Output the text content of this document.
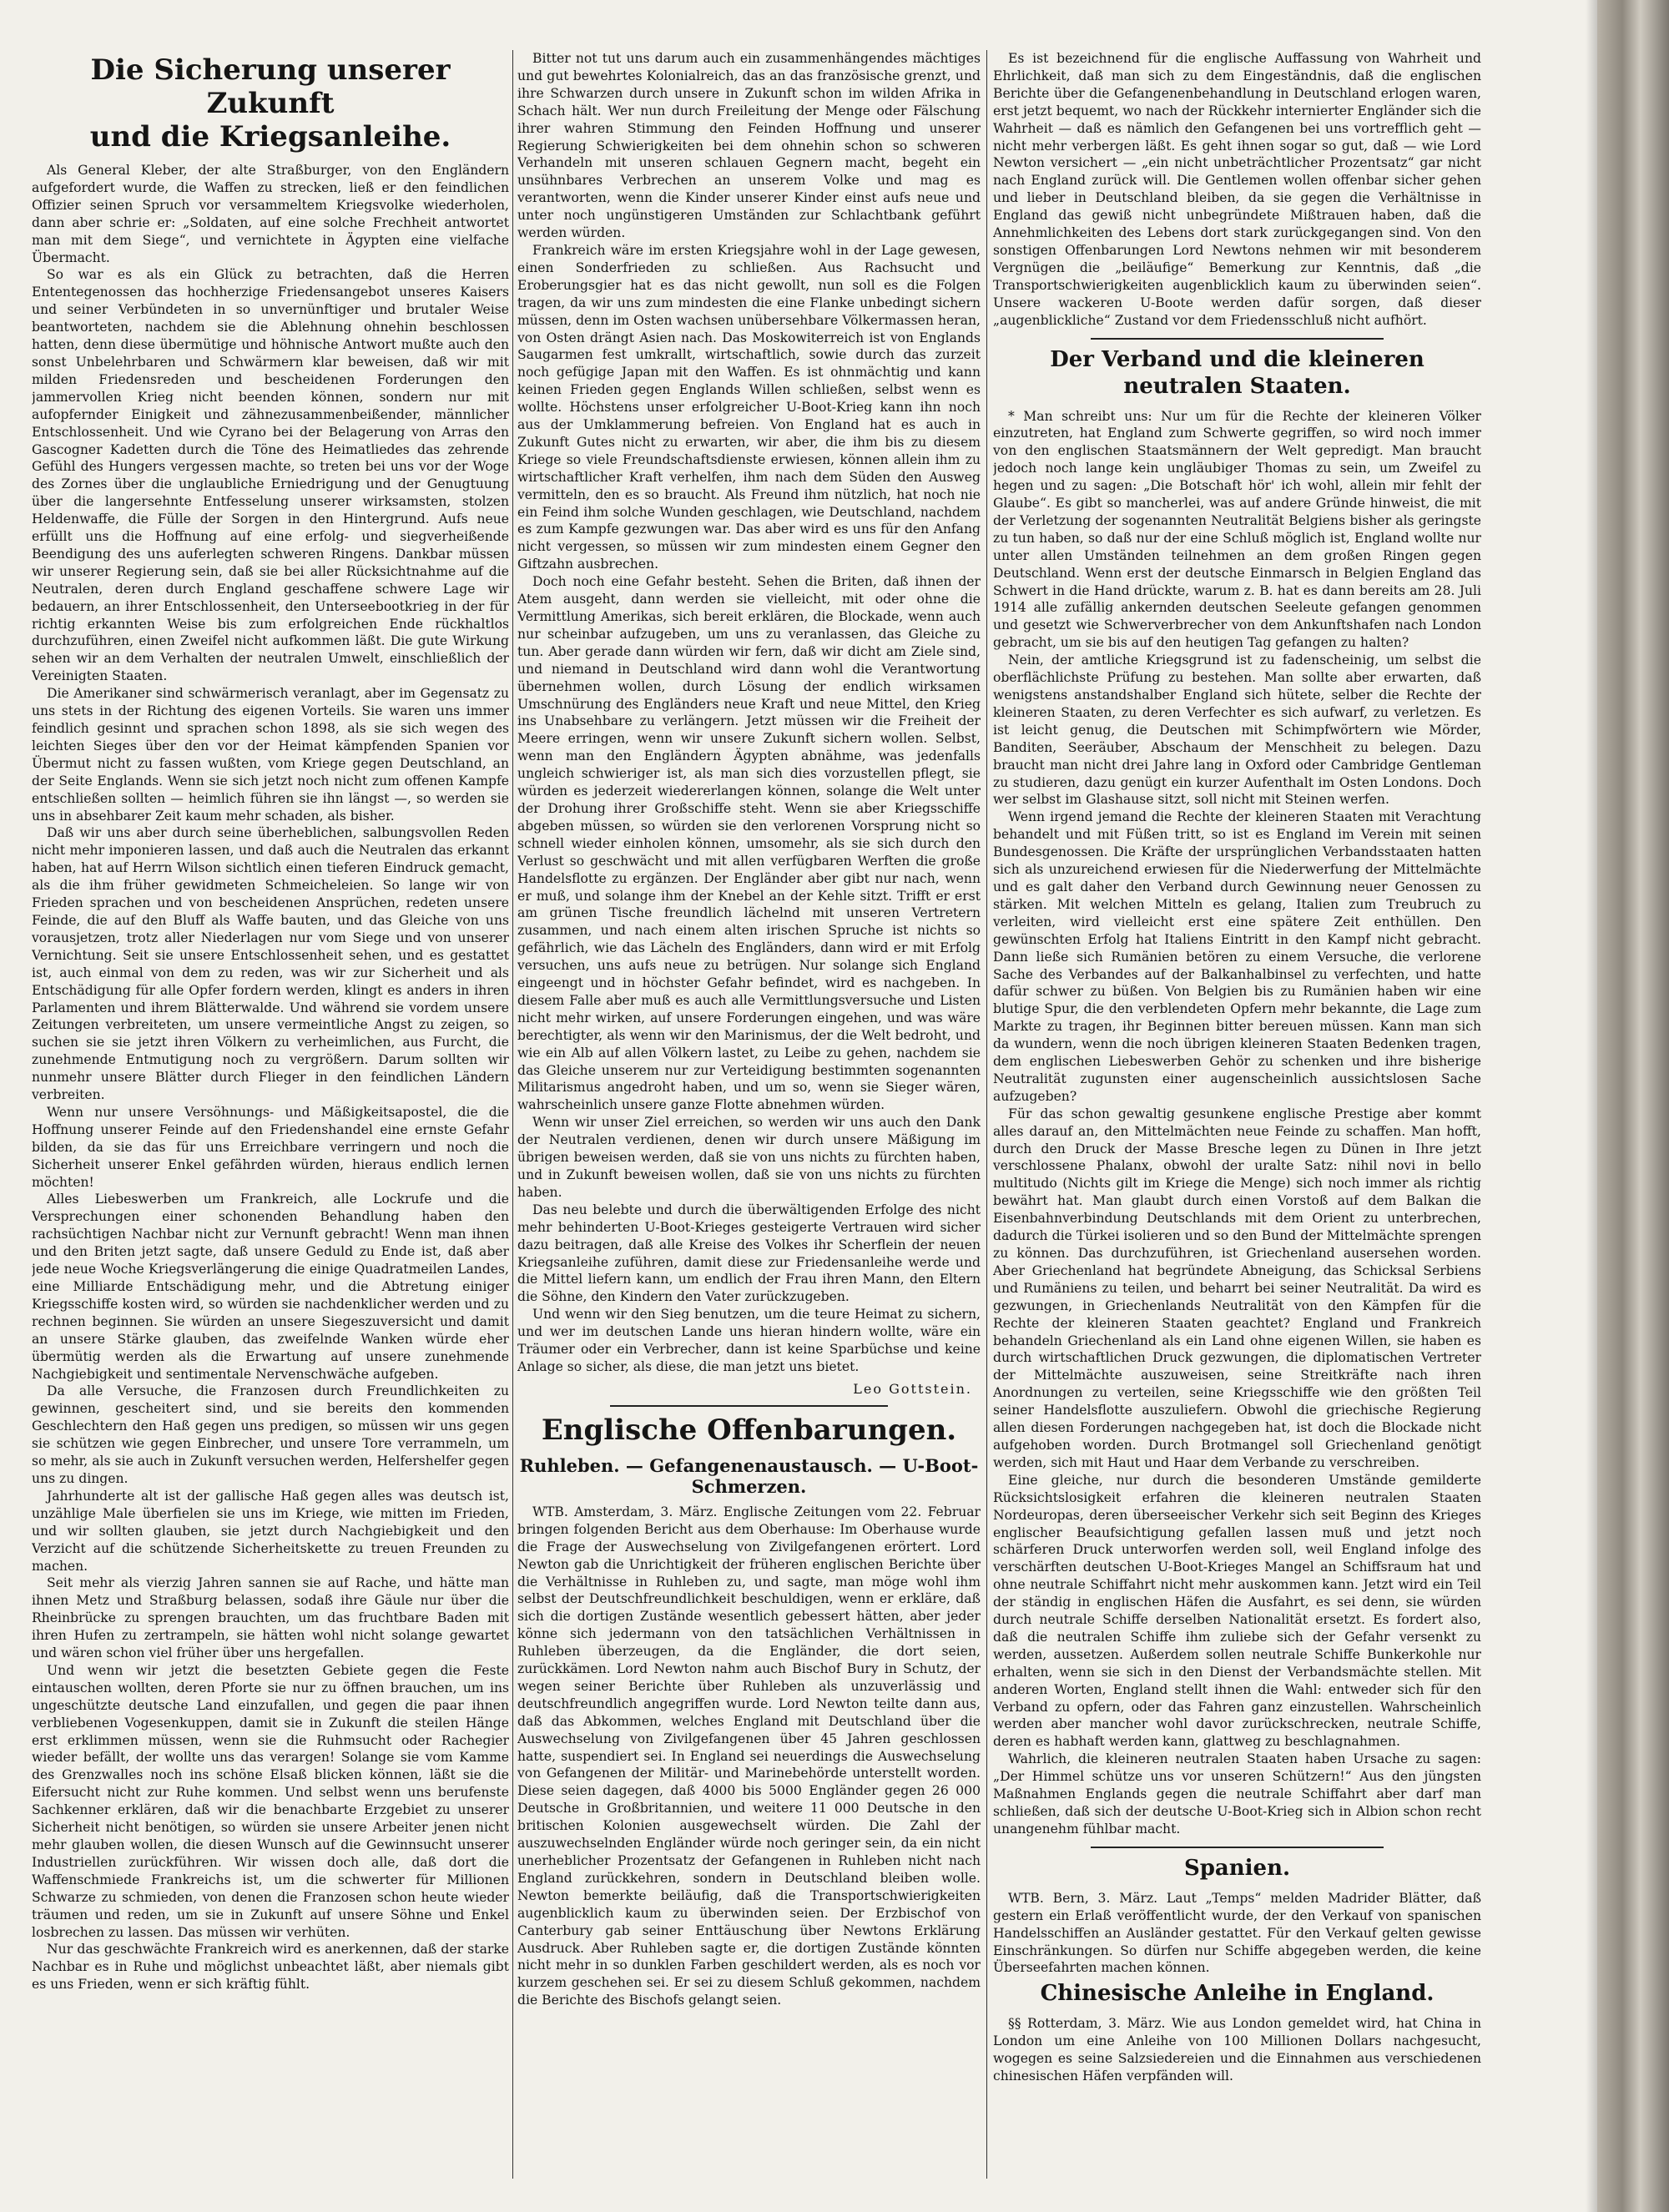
Die Sicherung unserer Zukunft
und die Kriegsanleihe.

Als General Kleber, der alte Straßburger, von den Engländern aufgefordert wurde, die Waffen zu strecken, ließ er den feindlichen Offizier seinen Spruch vor versammeltem Kriegsvolke wiederholen, dann aber schrie er: „Soldaten, auf eine solche Frechheit antwortet man mit dem Siege“, und vernichtete in Ägypten eine vielfache Übermacht.

So war es als ein Glück zu betrachten, daß die Herren Ententegenossen das hochherzige Friedensangebot unseres Kaisers und seiner Verbündeten in so unvernünftiger und brutaler Weise beantworteten, nachdem sie die Ablehnung ohnehin beschlossen hatten, denn diese übermütige und höhnische Antwort mußte auch den sonst Unbelehrbaren und Schwärmern klar beweisen, daß wir mit milden Friedensreden und bescheidenen Forderungen den jammervollen Krieg nicht beenden können, sondern nur mit aufopfernder Einigkeit und zähnezusammenbeißender, männlicher Entschlossenheit. Und wie Cyrano bei der Belagerung von Arras den Gascogner Kadetten durch die Töne des Heimatliedes das zehrende Gefühl des Hungers vergessen machte, so treten bei uns vor der Woge des Zornes über die unglaubliche Erniedrigung und der Genugtuung über die langersehnte Entfesselung unserer wirksamsten, stolzen Heldenwaffe, die Fülle der Sorgen in den Hintergrund. Aufs neue erfüllt uns die Hoffnung auf eine erfolg- und siegverheißende Beendigung des uns auferlegten schweren Ringens. Dankbar müssen wir unserer Regierung sein, daß sie bei aller Rücksichtnahme auf die Neutralen, deren durch England geschaffene schwere Lage wir bedauern, an ihrer Entschlossenheit, den Unterseebootkrieg in der für richtig erkannten Weise bis zum erfolgreichen Ende rückhaltlos durchzuführen, einen Zweifel nicht aufkommen läßt. Die gute Wirkung sehen wir an dem Verhalten der neutralen Umwelt, einschließlich der Vereinigten Staaten.

Die Amerikaner sind schwärmerisch veranlagt, aber im Gegensatz zu uns stets in der Richtung des eigenen Vorteils. Sie waren uns immer feindlich gesinnt und sprachen schon 1898, als sie sich wegen des leichten Sieges über den vor der Heimat kämpfenden Spanien vor Übermut nicht zu fassen wußten, vom Kriege gegen Deutschland, an der Seite Englands. Wenn sie sich jetzt noch nicht zum offenen Kampfe entschließen sollten — heimlich führen sie ihn längst —, so werden sie uns in absehbarer Zeit kaum mehr schaden, als bisher.

Daß wir uns aber durch seine überheblichen, salbungsvollen Reden nicht mehr imponieren lassen, und daß auch die Neutralen das erkannt haben, hat auf Herrn Wilson sichtlich einen tieferen Eindruck gemacht, als die ihm früher gewidmeten Schmeicheleien. So lange wir von Frieden sprachen und von bescheidenen Ansprüchen, redeten unsere Feinde, die auf den Bluff als Waffe bauten, und das Gleiche von uns vorausjetzen, trotz aller Niederlagen nur vom Siege und von unserer Vernichtung. Seit sie unsere Entschlossenheit sehen, und es gestattet ist, auch einmal von dem zu reden, was wir zur Sicherheit und als Entschädigung für alle Opfer fordern werden, klingt es anders in ihren Parlamenten und ihrem Blätterwalde. Und während sie vordem unsere Zeitungen verbreiteten, um unsere vermeintliche Angst zu zeigen, so suchen sie sie jetzt ihren Völkern zu verheimlichen, aus Furcht, die zunehmende Entmutigung noch zu vergrößern. Darum sollten wir nunmehr unsere Blätter durch Flieger in den feindlichen Ländern verbreiten.

Wenn nur unsere Versöhnungs- und Mäßigkeitsapostel, die die Hoffnung unserer Feinde auf den Friedenshandel eine ernste Gefahr bilden, da sie das für uns Erreichbare verringern und noch die Sicherheit unserer Enkel gefährden würden, hieraus endlich lernen möchten!

Alles Liebeswerben um Frankreich, alle Lockrufe und die Versprechungen einer schonenden Behandlung haben den rachsüchtigen Nachbar nicht zur Vernunft gebracht! Wenn man ihnen und den Briten jetzt sagte, daß unsere Geduld zu Ende ist, daß aber jede neue Woche Kriegsverlängerung die einige Quadratmeilen Landes, eine Milliarde Entschädigung mehr, und die Abtretung einiger Kriegsschiffe kosten wird, so würden sie nachdenklicher werden und zu rechnen beginnen. Sie würden an unsere Siegeszuversicht und damit an unsere Stärke glauben, das zweifelnde Wanken würde eher übermütig werden als die Erwartung auf unsere zunehmende Nachgiebigkeit und sentimentale Nervenschwäche aufgeben.

Da alle Versuche, die Franzosen durch Freundlichkeiten zu gewinnen, gescheitert sind, und sie bereits den kommenden Geschlechtern den Haß gegen uns predigen, so müssen wir uns gegen sie schützen wie gegen Einbrecher, und unsere Tore verrammeln, um so mehr, als sie auch in Zukunft versuchen werden, Helfershelfer gegen uns zu dingen.

Jahrhunderte alt ist der gallische Haß gegen alles was deutsch ist, unzählige Male überfielen sie uns im Kriege, wie mitten im Frieden, und wir sollten glauben, sie jetzt durch Nachgiebigkeit und den Verzicht auf die schützende Sicherheitskette zu treuen Freunden zu machen.

Seit mehr als vierzig Jahren sannen sie auf Rache, und hätte man ihnen Metz und Straßburg belassen, sodaß ihre Gäule nur über die Rheinbrücke zu sprengen brauchten, um das fruchtbare Baden mit ihren Hufen zu zertrampeln, sie hätten wohl nicht solange gewartet und wären schon viel früher über uns hergefallen.

Und wenn wir jetzt die besetzten Gebiete gegen die Feste eintauschen wollten, deren Pforte sie nur zu öffnen brauchen, um ins ungeschützte deutsche Land einzufallen, und gegen die paar ihnen verbliebenen Vogesenkuppen, damit sie in Zukunft die steilen Hänge erst erklimmen müssen, wenn sie die Ruhmsucht oder Rachegier wieder befällt, der wollte uns das verargen! Solange sie vom Kamme des Grenzwalles noch ins schöne Elsaß blicken können, läßt sie die Eifersucht nicht zur Ruhe kommen. Und selbst wenn uns berufenste Sachkenner erklären, daß wir die benachbarte Erzgebiet zu unserer Sicherheit nicht benötigen, so würden sie unsere Arbeiter jenen nicht mehr glauben wollen, die diesen Wunsch auf die Gewinnsucht unserer Industriellen zurückführen. Wir wissen doch alle, daß dort die Waffenschmiede Frankreichs ist, um die schwerter für Millionen Schwarze zu schmieden, von denen die Franzosen schon heute wieder träumen und reden, um sie in Zukunft auf unsere Söhne und Enkel losbrechen zu lassen. Das müssen wir verhüten.

Nur das geschwächte Frankreich wird es anerkennen, daß der starke Nachbar es in Ruhe und möglichst unbeachtet läßt, aber niemals gibt es uns Frieden, wenn er sich kräftig fühlt.

Bitter not tut uns darum auch ein zusammenhängendes mächtiges und gut bewehrtes Kolonialreich, das an das französische grenzt, und ihre Schwarzen durch unsere in Zukunft schon im wilden Afrika in Schach hält. Wer nun durch Freileitung der Menge oder Fälschung ihrer wahren Stimmung den Feinden Hoffnung und unserer Regierung Schwierigkeiten bei dem ohnehin schon so schweren Verhandeln mit unseren schlauen Gegnern macht, begeht ein unsühnbares Verbrechen an unserem Volke und mag es verantworten, wenn die Kinder unserer Kinder einst aufs neue und unter noch ungünstigeren Umständen zur Schlachtbank geführt werden würden.

Frankreich wäre im ersten Kriegsjahre wohl in der Lage gewesen, einen Sonderfrieden zu schließen. Aus Rachsucht und Eroberungsgier hat es das nicht gewollt, nun soll es die Folgen tragen, da wir uns zum mindesten die eine Flanke unbedingt sichern müssen, denn im Osten wachsen unübersehbare Völkermassen heran, von Osten drängt Asien nach. Das Moskowiterreich ist von Englands Saugarmen fest umkrallt, wirtschaftlich, sowie durch das zurzeit noch gefügige Japan mit den Waffen. Es ist ohnmächtig und kann keinen Frieden gegen Englands Willen schließen, selbst wenn es wollte. Höchstens unser erfolgreicher U-Boot-Krieg kann ihn noch aus der Umklammerung befreien. Von England hat es auch in Zukunft Gutes nicht zu erwarten, wir aber, die ihm bis zu diesem Kriege so viele Freundschaftsdienste erwiesen, können allein ihm zu wirtschaftlicher Kraft verhelfen, ihm nach dem Süden den Ausweg vermitteln, den es so braucht. Als Freund ihm nützlich, hat noch nie ein Feind ihm solche Wunden geschlagen, wie Deutschland, nachdem es zum Kampfe gezwungen war. Das aber wird es uns für den Anfang nicht vergessen, so müssen wir zum mindesten einem Gegner den Giftzahn ausbrechen.

Doch noch eine Gefahr besteht. Sehen die Briten, daß ihnen der Atem ausgeht, dann werden sie vielleicht, mit oder ohne die Vermittlung Amerikas, sich bereit erklären, die Blockade, wenn auch nur scheinbar aufzugeben, um uns zu veranlassen, das Gleiche zu tun. Aber gerade dann würden wir fern, daß wir dicht am Ziele sind, und niemand in Deutschland wird dann wohl die Verantwortung übernehmen wollen, durch Lösung der endlich wirksamen Umschnürung des Engländers neue Kraft und neue Mittel, den Krieg ins Unabsehbare zu verlängern. Jetzt müssen wir die Freiheit der Meere erringen, wenn wir unsere Zukunft sichern wollen. Selbst, wenn man den Engländern Ägypten abnähme, was jedenfalls ungleich schwieriger ist, als man sich dies vorzustellen pflegt, sie würden es jederzeit wiedererlangen können, solange die Welt unter der Drohung ihrer Großschiffe steht. Wenn sie aber Kriegsschiffe abgeben müssen, so würden sie den verlorenen Vorsprung nicht so schnell wieder einholen können, umsomehr, als sie sich durch den Verlust so geschwächt und mit allen verfügbaren Werften die große Handelsflotte zu ergänzen. Der Engländer aber gibt nur nach, wenn er muß, und solange ihm der Knebel an der Kehle sitzt. Trifft er erst am grünen Tische freundlich lächelnd mit unseren Vertretern zusammen, und nach einem alten irischen Spruche ist nichts so gefährlich, wie das Lächeln des Engländers, dann wird er mit Erfolg versuchen, uns aufs neue zu betrügen. Nur solange sich England eingeengt und in höchster Gefahr befindet, wird es nachgeben. In diesem Falle aber muß es auch alle Vermittlungsversuche und Listen nicht mehr wirken, auf unsere Forderungen eingehen, und was wäre berechtigter, als wenn wir den Marinismus, der die Welt bedroht, und wie ein Alb auf allen Völkern lastet, zu Leibe zu gehen, nachdem sie das Gleiche unserem nur zur Verteidigung bestimmten sogenannten Militarismus angedroht haben, und um so, wenn sie Sieger wären, wahrscheinlich unsere ganze Flotte abnehmen würden.

Wenn wir unser Ziel erreichen, so werden wir uns auch den Dank der Neutralen verdienen, denen wir durch unsere Mäßigung im übrigen beweisen werden, daß sie von uns nichts zu fürchten haben, und in Zukunft beweisen wollen, daß sie von uns nichts zu fürchten haben.

Das neu belebte und durch die überwältigenden Erfolge des nicht mehr behinderten U-Boot-Krieges gesteigerte Vertrauen wird sicher dazu beitragen, daß alle Kreise des Volkes ihr Scherflein der neuen Kriegsanleihe zuführen, damit diese zur Friedensanleihe werde und die Mittel liefern kann, um endlich der Frau ihren Mann, den Eltern die Söhne, den Kindern den Vater zurückzugeben.

Und wenn wir den Sieg benutzen, um die teure Heimat zu sichern, und wer im deutschen Lande uns hieran hindern wollte, wäre ein Träumer oder ein Verbrecher, dann ist keine Sparbüchse und keine Anlage so sicher, als diese, die man jetzt uns bietet.

Leo Gottstein.
Englische Offenbarungen.
Ruhleben. — Gefangenenaustausch. — U-Boot-Schmerzen.

WTB. Amsterdam, 3. März. Englische Zeitungen vom 22. Februar bringen folgenden Bericht aus dem Oberhause: Im Oberhause wurde die Frage der Auswechselung von Zivilgefangenen erörtert. Lord Newton gab die Unrichtigkeit der früheren englischen Berichte über die Verhältnisse in Ruhleben zu, und sagte, man möge wohl ihm selbst der Deutschfreundlichkeit beschuldigen, wenn er erkläre, daß sich die dortigen Zustände wesentlich gebessert hätten, aber jeder könne sich jedermann von den tatsächlichen Verhältnissen in Ruhleben überzeugen, da die Engländer, die dort seien, zurückkämen. Lord Newton nahm auch Bischof Bury in Schutz, der wegen seiner Berichte über Ruhleben als unzuverlässig und deutschfreundlich angegriffen wurde. Lord Newton teilte dann aus, daß das Abkommen, welches England mit Deutschland über die Auswechselung von Zivilgefangenen über 45 Jahren geschlossen hatte, suspendiert sei. In England sei neuerdings die Auswechselung von Gefangenen der Militär- und Marinebehörde unterstellt worden. Diese seien dagegen, daß 4000 bis 5000 Engländer gegen 26 000 Deutsche in Großbritannien, und weitere 11 000 Deutsche in den britischen Kolonien ausgewechselt würden. Die Zahl der auszuwechselnden Engländer würde noch geringer sein, da ein nicht unerheblicher Prozentsatz der Gefangenen in Ruhleben nicht nach England zurückkehren, sondern in Deutschland bleiben wolle. Newton bemerkte beiläufig, daß die Transportschwierigkeiten augenblicklich kaum zu überwinden seien. Der Erzbischof von Canterbury gab seiner Enttäuschung über Newtons Erklärung Ausdruck. Aber Ruhleben sagte er, die dortigen Zustände könnten nicht mehr in so dunklen Farben geschildert werden, als es noch vor kurzem geschehen sei. Er sei zu diesem Schluß gekommen, nachdem die Berichte des Bischofs gelangt seien.

Es ist bezeichnend für die englische Auffassung von Wahrheit und Ehrlichkeit, daß man sich zu dem Eingeständnis, daß die englischen Berichte über die Gefangenenbehandlung in Deutschland erlogen waren, erst jetzt bequemt, wo nach der Rückkehr internierter Engländer sich die Wahrheit — daß es nämlich den Gefangenen bei uns vortrefflich geht — nicht mehr verbergen läßt. Es geht ihnen sogar so gut, daß — wie Lord Newton versichert — „ein nicht unbeträchtlicher Prozentsatz“ gar nicht nach England zurück will. Die Gentlemen wollen offenbar sicher gehen und lieber in Deutschland bleiben, da sie gegen die Verhältnisse in England das gewiß nicht unbegründete Mißtrauen haben, daß die Annehmlichkeiten des Lebens dort stark zurückgegangen sind. Von den sonstigen Offenbarungen Lord Newtons nehmen wir mit besonderem Vergnügen die „beiläufige“ Bemerkung zur Kenntnis, daß „die Transportschwierigkeiten augenblicklich kaum zu überwinden seien“. Unsere wackeren U-Boote werden dafür sorgen, daß dieser „augenblickliche“ Zustand vor dem Friedensschluß nicht aufhört.

Der Verband und die kleineren neutralen Staaten.

* Man schreibt uns: Nur um für die Rechte der kleineren Völker einzutreten, hat England zum Schwerte gegriffen, so wird noch immer von den englischen Staatsmännern der Welt gepredigt. Man braucht jedoch noch lange kein ungläubiger Thomas zu sein, um Zweifel zu hegen und zu sagen: „Die Botschaft hör' ich wohl, allein mir fehlt der Glaube“. Es gibt so mancherlei, was auf andere Gründe hinweist, die mit der Verletzung der sogenannten Neutralität Belgiens bisher als geringste zu tun haben, so daß nur der eine Schluß möglich ist, England wollte nur unter allen Umständen teilnehmen an dem großen Ringen gegen Deutschland. Wenn erst der deutsche Einmarsch in Belgien England das Schwert in die Hand drückte, warum z. B. hat es dann bereits am 28. Juli 1914 alle zufällig ankernden deutschen Seeleute gefangen genommen und gesetzt wie Schwerverbrecher von dem Ankunftshafen nach London gebracht, um sie bis auf den heutigen Tag gefangen zu halten?

Nein, der amtliche Kriegsgrund ist zu fadenscheinig, um selbst die oberflächlichste Prüfung zu bestehen. Man sollte aber erwarten, daß wenigstens anstandshalber England sich hütete, selber die Rechte der kleineren Staaten, zu deren Verfechter es sich aufwarf, zu verletzen. Es ist leicht genug, die Deutschen mit Schimpfwörtern wie Mörder, Banditen, Seeräuber, Abschaum der Menschheit zu belegen. Dazu braucht man nicht drei Jahre lang in Oxford oder Cambridge Gentleman zu studieren, dazu genügt ein kurzer Aufenthalt im Osten Londons. Doch wer selbst im Glashause sitzt, soll nicht mit Steinen werfen.

Wenn irgend jemand die Rechte der kleineren Staaten mit Verachtung behandelt und mit Füßen tritt, so ist es England im Verein mit seinen Bundesgenossen. Die Kräfte der ursprünglichen Verbandsstaaten hatten sich als unzureichend erwiesen für die Niederwerfung der Mittelmächte und es galt daher den Verband durch Gewinnung neuer Genossen zu stärken. Mit welchen Mitteln es gelang, Italien zum Treubruch zu verleiten, wird vielleicht erst eine spätere Zeit enthüllen. Den gewünschten Erfolg hat Italiens Eintritt in den Kampf nicht gebracht. Dann ließe sich Rumänien betören zu einem Versuche, die verlorene Sache des Verbandes auf der Balkanhalbinsel zu verfechten, und hatte dafür schwer zu büßen. Von Belgien bis zu Rumänien haben wir eine blutige Spur, die den verblendeten Opfern mehr bekannte, die Lage zum Markte zu tragen, ihr Beginnen bitter bereuen müssen. Kann man sich da wundern, wenn die noch übrigen kleineren Staaten Bedenken tragen, dem englischen Liebeswerben Gehör zu schenken und ihre bisherige Neutralität zugunsten einer augenscheinlich aussichtslosen Sache aufzugeben?

Für das schon gewaltig gesunkene englische Prestige aber kommt alles darauf an, den Mittelmächten neue Feinde zu schaffen. Man hofft, durch den Druck der Masse Bresche legen zu Dünen in Ihre jetzt verschlossene Phalanx, obwohl der uralte Satz: nihil novi in bello multitudo (Nichts gilt im Kriege die Menge) sich noch immer als richtig bewährt hat. Man glaubt durch einen Vorstoß auf dem Balkan die Eisenbahnverbindung Deutschlands mit dem Orient zu unterbrechen, dadurch die Türkei isolieren und so den Bund der Mittelmächte sprengen zu können. Das durchzuführen, ist Griechenland ausersehen worden. Aber Griechenland hat begründete Abneigung, das Schicksal Serbiens und Rumäniens zu teilen, und beharrt bei seiner Neutralität. Da wird es gezwungen, in Griechenlands Neutralität von den Kämpfen für die Rechte der kleineren Staaten geachtet? England und Frankreich behandeln Griechenland als ein Land ohne eigenen Willen, sie haben es durch wirtschaftlichen Druck gezwungen, die diplomatischen Vertreter der Mittelmächte auszuweisen, seine Streitkräfte nach ihren Anordnungen zu verteilen, seine Kriegsschiffe wie den größten Teil seiner Handelsflotte auszuliefern. Obwohl die griechische Regierung allen diesen Forderungen nachgegeben hat, ist doch die Blockade nicht aufgehoben worden. Durch Brotmangel soll Griechenland genötigt werden, sich mit Haut und Haar dem Verbande zu verschreiben.

Eine gleiche, nur durch die besonderen Umstände gemilderte Rücksichtslosigkeit erfahren die kleineren neutralen Staaten Nordeuropas, deren überseeischer Verkehr sich seit Beginn des Krieges englischer Beaufsichtigung gefallen lassen muß und jetzt noch schärferen Druck unterworfen werden soll, weil England infolge des verschärften deutschen U-Boot-Krieges Mangel an Schiffsraum hat und ohne neutrale Schiffahrt nicht mehr auskommen kann. Jetzt wird ein Teil der ständig in englischen Häfen die Ausfahrt, es sei denn, sie würden durch neutrale Schiffe derselben Nationalität ersetzt. Es fordert also, daß die neutralen Schiffe ihm zuliebe sich der Gefahr versenkt zu werden, aussetzen. Außerdem sollen neutrale Schiffe Bunkerkohle nur erhalten, wenn sie sich in den Dienst der Verbandsmächte stellen. Mit anderen Worten, England stellt ihnen die Wahl: entweder sich für den Verband zu opfern, oder das Fahren ganz einzustellen. Wahrscheinlich werden aber mancher wohl davor zurückschrecken, neutrale Schiffe, deren es habhaft werden kann, glattweg zu beschlagnahmen.

Wahrlich, die kleineren neutralen Staaten haben Ursache zu sagen: „Der Himmel schütze uns vor unseren Schützern!“ Aus den jüngsten Maßnahmen Englands gegen die neutrale Schiffahrt aber darf man schließen, daß sich der deutsche U-Boot-Krieg sich in Albion schon recht unangenehm fühlbar macht.

Spanien.

WTB. Bern, 3. März. Laut „Temps“ melden Madrider Blätter, daß gestern ein Erlaß veröffentlicht wurde, der den Verkauf von spanischen Handelsschiffen an Ausländer gestattet. Für den Verkauf gelten gewisse Einschränkungen. So dürfen nur Schiffe abgegeben werden, die keine Überseefahrten machen können.

Chinesische Anleihe in England.

§§ Rotterdam, 3. März. Wie aus London gemeldet wird, hat China in London um eine Anleihe von 100 Millionen Dollars nachgesucht, wogegen es seine Salzsiedereien und die Einnahmen aus verschiedenen chinesischen Häfen verpfänden will.
